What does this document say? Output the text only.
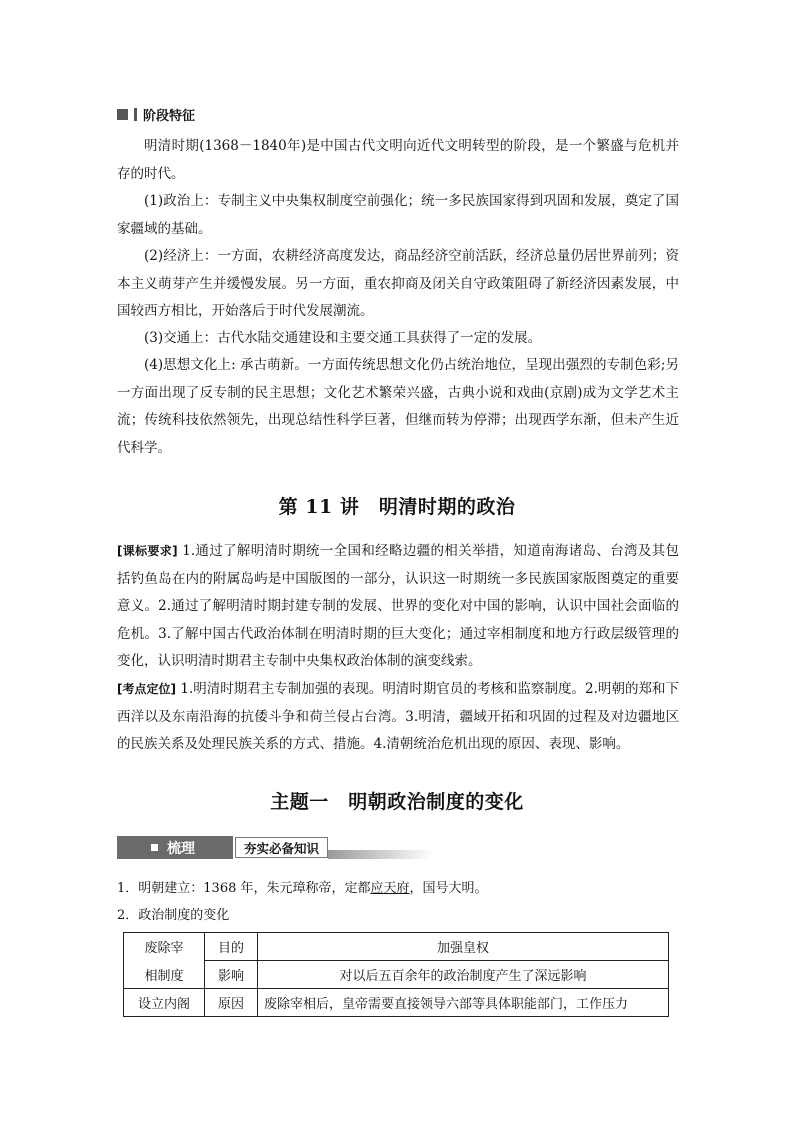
阶段特征

明清时期(1368－1840年)是中国古代文明向近代文明转型的阶段，是一个繁盛与危机并存的时代。

(1)政治上：专制主义中央集权制度空前强化；统一多民族国家得到巩固和发展，奠定了国家疆域的基础。

(2)经济上：一方面，农耕经济高度发达，商品经济空前活跃，经济总量仍居世界前列；资本主义萌芽产生并缓慢发展。另一方面，重农抑商及闭关自守政策阻碍了新经济因素发展，中国较西方相比，开始落后于时代发展潮流。

(3)交通上：古代水陆交通建设和主要交通工具获得了一定的发展。

(4)思想文化上: 承古萌新。一方面传统思想文化仍占统治地位，呈现出强烈的专制色彩;另一方面出现了反专制的民主思想；文化艺术繁荣兴盛，古典小说和戏曲(京剧)成为文学艺术主流；传统科技依然领先，出现总结性科学巨著，但继而转为停滞；出现西学东渐，但未产生近代科学。

第 11 讲　明清时期的政治

[课标要求] 1.通过了解明清时期统一全国和经略边疆的相关举措，知道南海诸岛、台湾及其包括钓鱼岛在内的附属岛屿是中国版图的一部分，认识这一时期统一多民族国家版图奠定的重要意义。2.通过了解明清时期封建专制的发展、世界的变化对中国的影响，认识中国社会面临的危机。3.了解中国古代政治体制在明清时期的巨大变化；通过宰相制度和地方行政层级管理的变化，认识明清时期君主专制中央集权政治体制的演变线索。

[考点定位] 1.明清时期君主专制加强的表现。明清时期官员的考核和监察制度。2.明朝的郑和下西洋以及东南沿海的抗倭斗争和荷兰侵占台湾。3.明清，疆域开拓和巩固的过程及对边疆地区的民族关系及处理民族关系的方式、措施。4.清朝统治危机出现的原因、表现、影响。

主题一　明朝政治制度的变化
梳理	夯实必备知识
1．明朝建立：1368 年，朱元璋称帝，定都应天府，国号大明。
2．政治制度的变化
废除宰	目的	加强皇权
相制度	影响	对以后五百余年的政治制度产生了深远影响
设立内阁	原因	废除宰相后，皇帝需要直接领导六部等具体职能部门，工作压力
